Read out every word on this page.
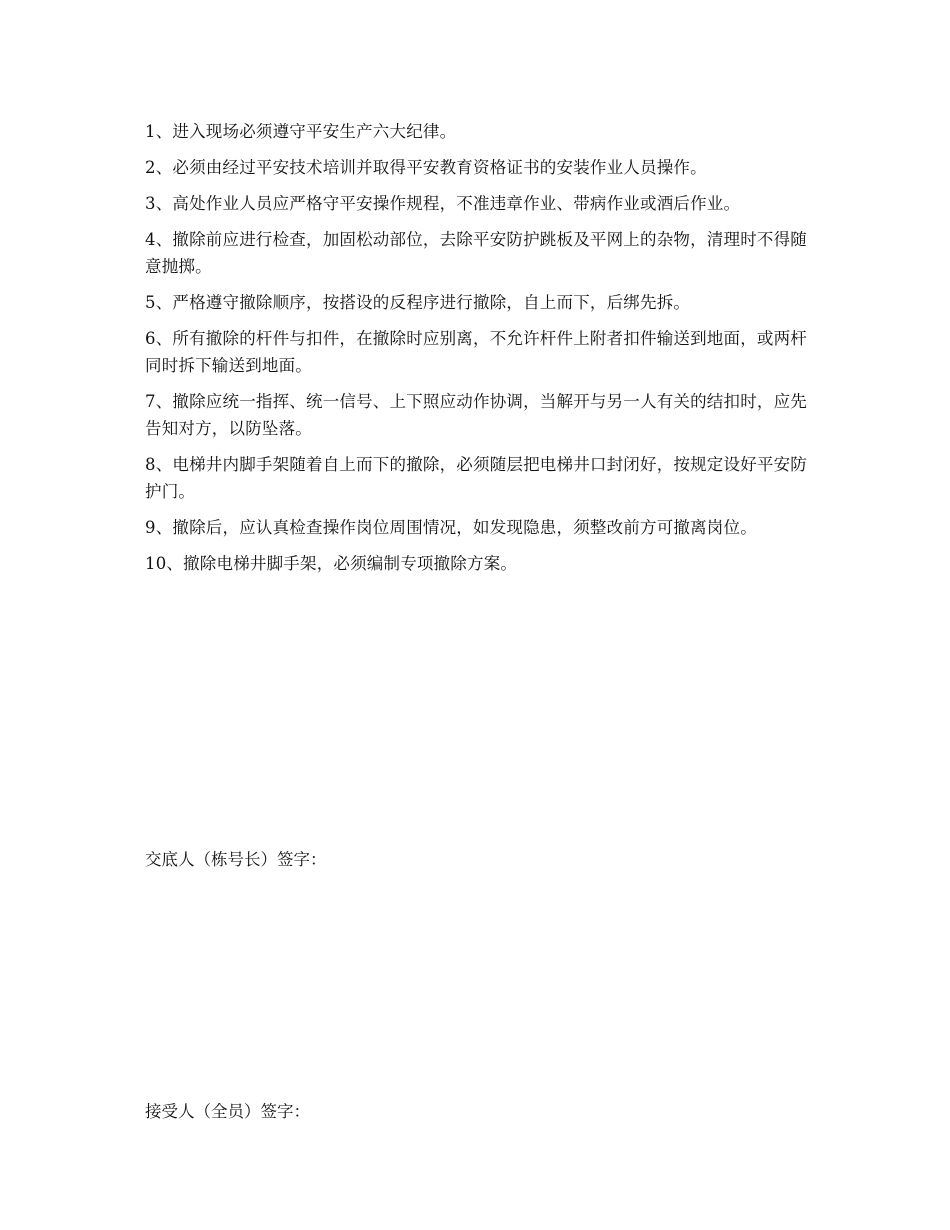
1、进入现场必须遵守平安生产六大纪律。
2、必须由经过平安技术培训并取得平安教育资格证书的安装作业人员操作。
3、高处作业人员应严格守平安操作规程，不准违章作业、带病作业或酒后作业。
4、撤除前应进行检查，加固松动部位，去除平安防护跳板及平网上的杂物，清理时不得随意抛掷。
5、严格遵守撤除顺序，按搭设的反程序进行撤除，自上而下，后绑先拆。
6、所有撤除的杆件与扣件，在撤除时应别离，不允许杆件上附者扣件输送到地面，或两杆同时拆下输送到地面。
7、撤除应统一指挥、统一信号、上下照应动作协调，当解开与另一人有关的结扣时，应先告知对方，以防坠落。
8、电梯井内脚手架随着自上而下的撤除，必须随层把电梯井口封闭好，按规定设好平安防护门。
9、撤除后，应认真检查操作岗位周围情况，如发现隐患，须整改前方可撤离岗位。
10、撤除电梯井脚手架，必须编制专项撤除方案。

交底人（栋号长）签字：

接受人（全员）签字：
